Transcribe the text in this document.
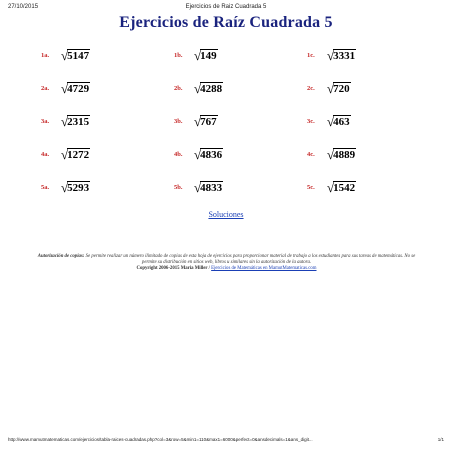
27/10/2015	Ejercicios de Raiz Cuadrada 5
Ejercicios de Raíz Cuadrada 5
1a. √ 5147	1b. √ 149	1c. √ 3331
2a. √ 4729	2b. √ 4288	2c. √ 720
3a. √ 2315	3b. √ 767	3c. √ 463
4a. √ 1272	4b. √ 4836	4c. √ 4889
5a. √ 5293	5b. √ 4833	5c. √ 1542
Soluciones
Autorización de copias: Se permite realizar un número ilimitado de copias de esta hoja de ejercicios para proporcionar material de trabajo a los estudiantes para sus tareas de matemáticas. No se permite su distribución en sitios web, libros u similares sin la autorización de la autora.
Copyright 2006-2015 Maria Miller / Ejercicios de Matemáticas en MamutMatematicas.com
http://www.mamutmatematicas.com/ejercicios/tabla-raices-cuadradas.php?col=3&row=5&min1=110&max1=6000&perfect=0&ansdecimals=1&ans_digit...	1/1
